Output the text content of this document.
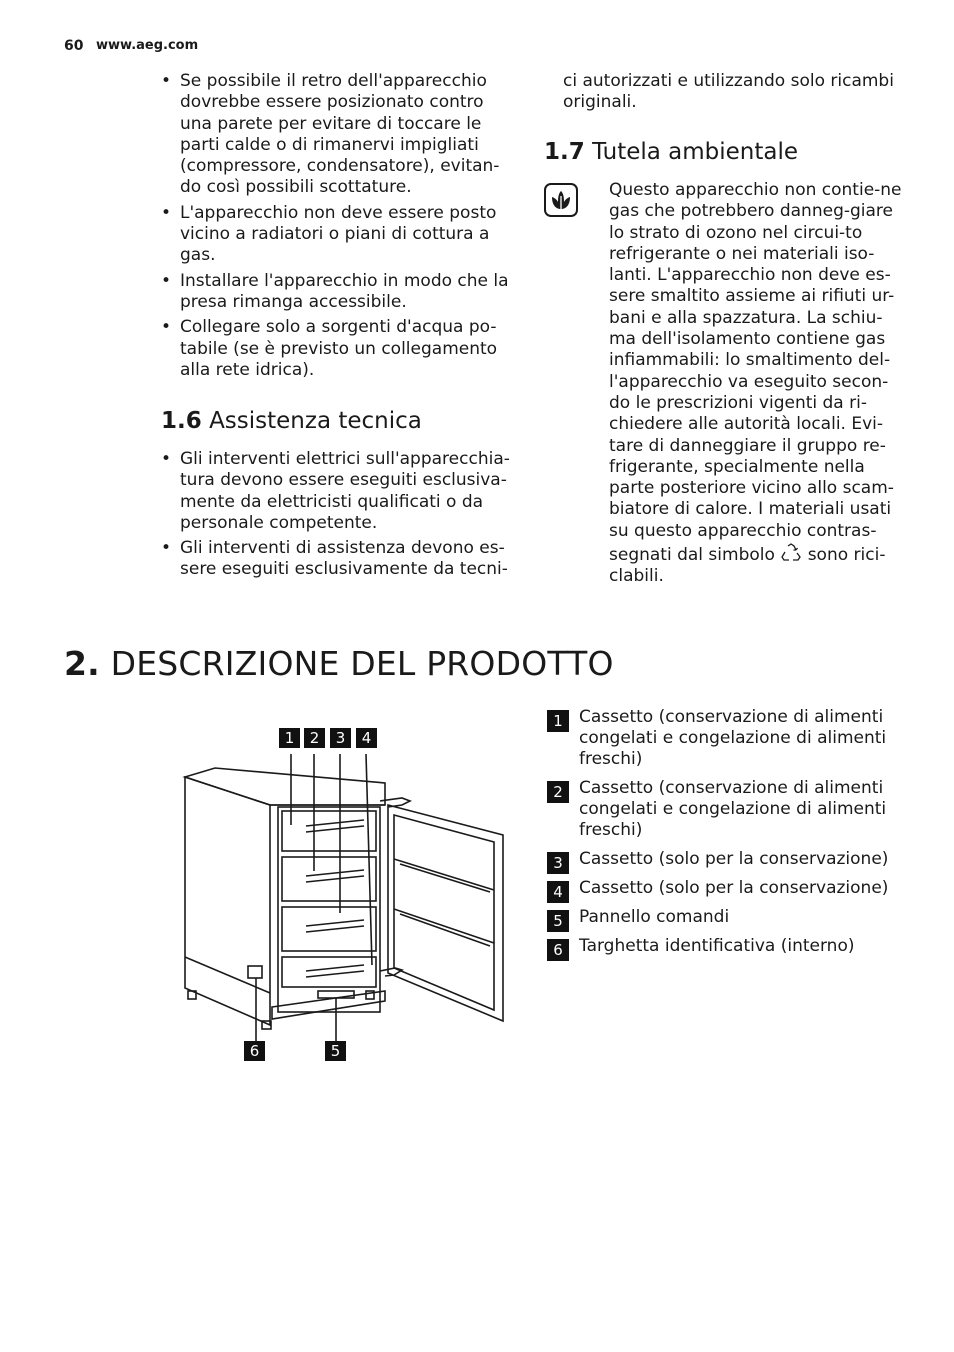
60 www.aeg.com
• Se possibile il retro dell'apparecchio dovrebbe essere posizionato contro una parete per evitare di toccare le parti calde o di rimanervi impigliati (compressore, condensatore), evitan-do così possibili scottature.
• L'apparecchio non deve essere posto vicino a radiatori o piani di cottura a gas.
• Installare l'apparecchio in modo che la presa rimanga accessibile.
• Collegare solo a sorgenti d'acqua po-tabile (se è previsto un collegamento alla rete idrica).
1.6 Assistenza tecnica
• Gli interventi elettrici sull'apparecchia-tura devono essere eseguiti esclusiva-mente da elettricisti qualificati o da personale competente.
• Gli interventi di assistenza devono es-sere eseguiti esclusivamente da tecni-
ci autorizzati e utilizzando solo ricambi originali.
1.7 Tutela ambientale
Questo apparecchio non contie-ne gas che potrebbero danneg-giare lo strato di ozono nel circui-to refrigerante o nei materiali iso-lanti. L'apparecchio non deve es-sere smaltito assieme ai rifiuti ur-bani e alla spazzatura. La schiu-ma dell'isolamento contiene gas infiammabili: lo smaltimento del-l'apparecchio va eseguito secon-do le prescrizioni vigenti da ri-chiedere alle autorità locali. Evi-tare di danneggiare il gruppo re-frigerante, specialmente nella parte posteriore vicino allo scam-biatore di calore. I materiali usati su questo apparecchio contras-segnati dal simbolo sono rici-clabili.
2. DESCRIZIONE DEL PRODOTTO
1	2	3	4
5
6
1 Cassetto (conservazione di alimenti congelati e congelazione di alimenti freschi)
2 Cassetto (conservazione di alimenti congelati e congelazione di alimenti freschi)
3 Cassetto (solo per la conservazione)
4 Cassetto (solo per la conservazione)
5 Pannello comandi
6 Targhetta identificativa (interno)
